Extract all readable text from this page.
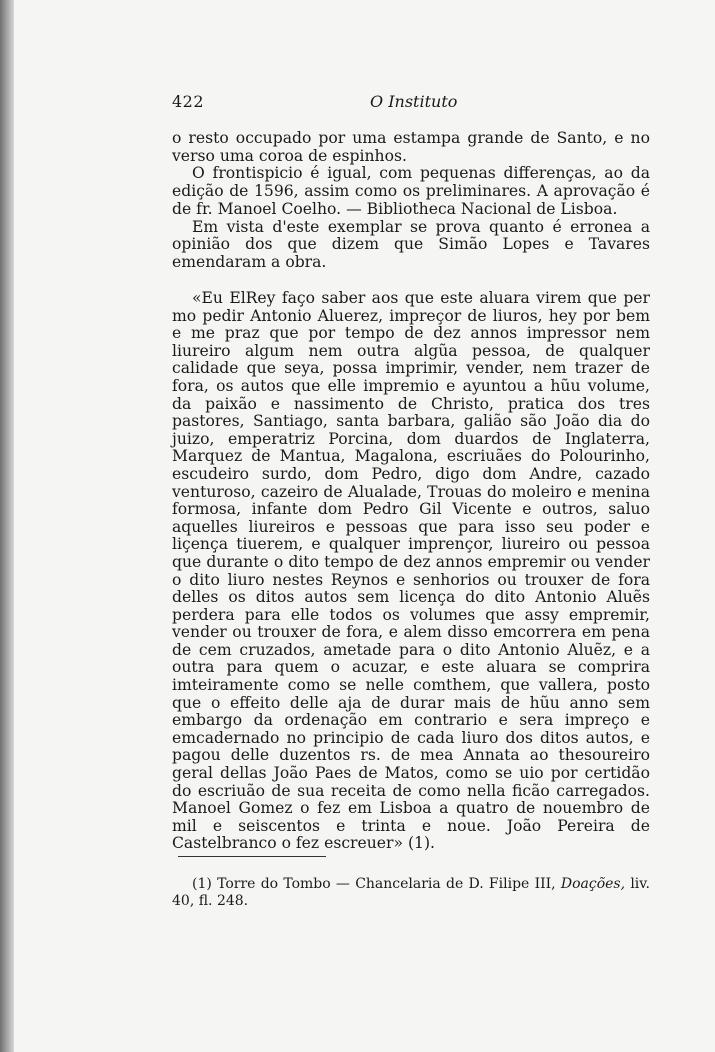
422	O Instituto

o resto occupado por uma estampa grande de Santo, e no verso uma coroa de espinhos.

O frontispicio é igual, com pequenas differenças, ao da edição de 1596, assim como os preliminares. A aprovação é de fr. Manoel Coelho. — Bibliotheca Nacional de Lisboa.

Em vista d'este exemplar se prova quanto é erronea a opinião dos que dizem que Simão Lopes e Tavares emendaram a obra.

«Eu ElRey faço saber aos que este aluara virem que per mo pedir Antonio Aluerez, impreçor de liuros, hey por bem e me praz que por tempo de dez annos impressor nem liureiro algum nem outra algũa pessoa, de qualquer calidade que seya, possa imprimir, vender, nem trazer de fora, os autos que elle impremio e ayuntou a hũu volume, da paixão e nassimento de Christo, pratica dos tres pastores, Santiago, santa barbara, galião são João dia do juizo, emperatriz Porcina, dom duardos de Inglaterra, Marquez de Mantua, Magalona, escriuães do Polourinho, escudeiro surdo, dom Pedro, digo dom Andre, cazado venturoso, cazeiro de Alualade, Trouas do moleiro e menina formosa, infante dom Pedro Gil Vicente e outros, saluo aquelles liureiros e pessoas que para isso seu poder e liçença tiuerem, e qualquer imprençor, liureiro ou pessoa que durante o dito tempo de dez annos empremir ou vender o dito liuro nestes Reynos e senhorios ou trouxer de fora delles os ditos autos sem licença do dito Antonio Aluẽs perdera para elle todos os volumes que assy empremir, vender ou trouxer de fora, e alem disso emcorrera em pena de cem cruzados, ametade para o dito Antonio Aluẽz, e a outra para quem o acuzar, e este aluara se comprira imteiramente como se nelle comthem, que vallera, posto que o effeito delle aja de durar mais de hũu anno sem embargo da ordenação em contrario e sera impreço e emcadernado no principio de cada liuro dos ditos autos, e pagou delle duzentos rs. de mea Annata ao thesoureiro geral dellas João Paes de Matos, como se uio por certidão do escriuão de sua receita de como nella ficão carregados. Manoel Gomez o fez em Lisboa a quatro de nouembro de mil e seiscentos e trinta e noue. João Pereira de Castelbranco o fez escreuer» (1).

(1) Torre do Tombo — Chancelaria de D. Filipe III, Doações, liv. 40, fl. 248.
